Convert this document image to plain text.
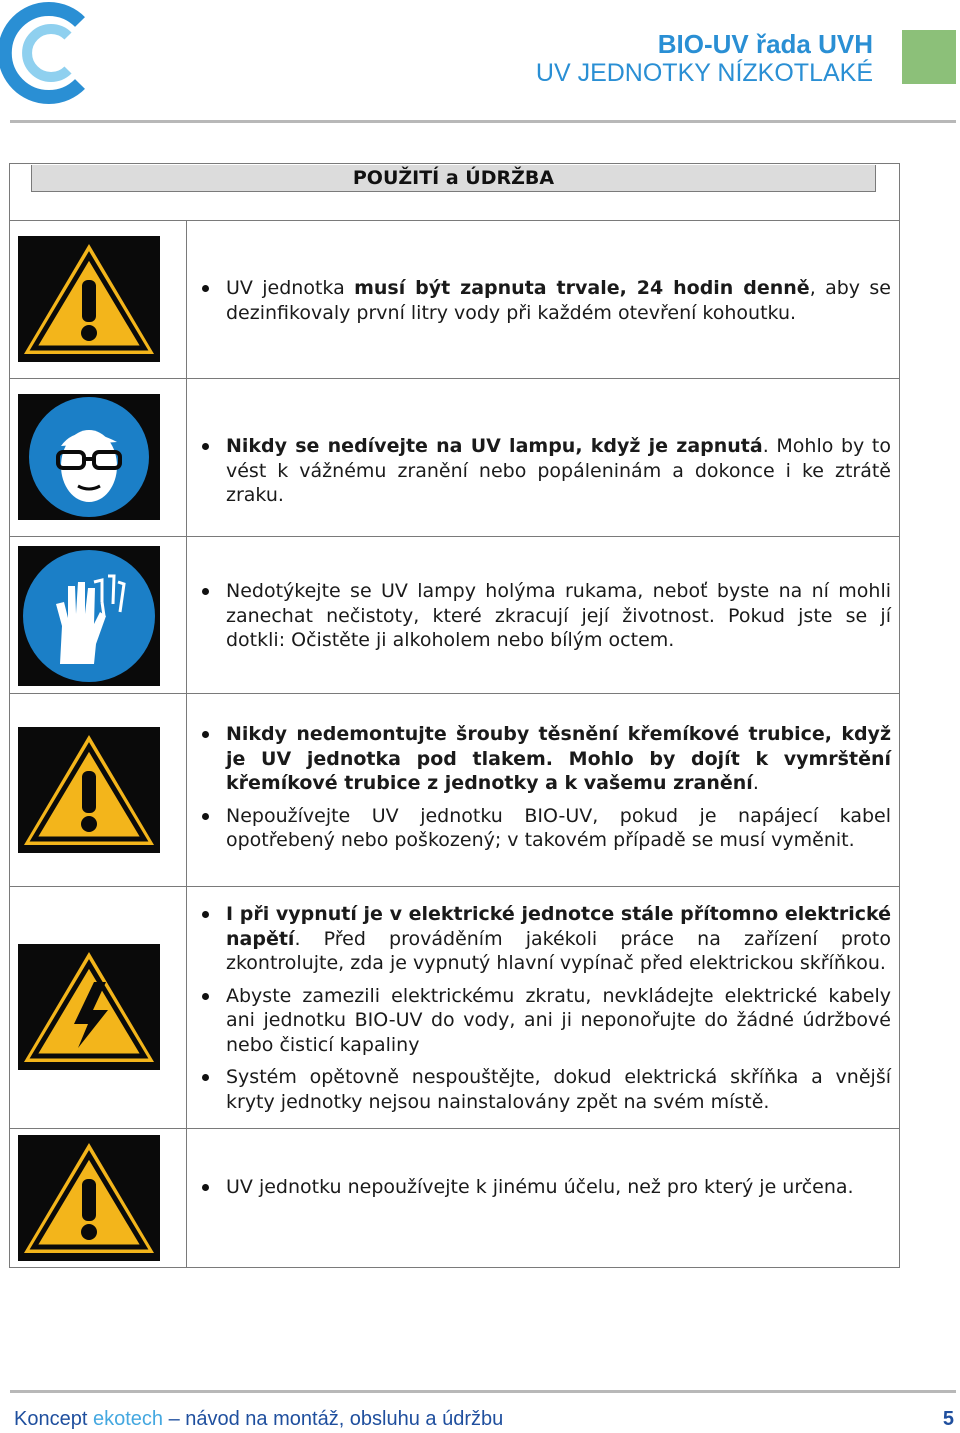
BIO-UV řada UVH
UV JEDNOTKY NÍZKOTLAKÉ
POUŽITÍ a ÚDRŽBA
UV jednotka musí být zapnuta trvale, 24 hodin denně, aby se dezinfikovaly první litry vody při každém otevření kohoutku.
Nikdy se nedívejte na UV lampu, když je zapnutá. Mohlo by to vést k vážnému zranění nebo popáleninám a dokonce i ke ztrátě zraku.
Nedotýkejte se UV lampy holýma rukama, neboť byste na ní mohli zanechat nečistoty, které zkracují její životnost. Pokud jste se jí dotkli: Očistěte ji alkoholem nebo bílým octem.
Nikdy nedemontujte šrouby těsnění křemíkové trubice, když je UV jednotka pod tlakem. Mohlo by dojít k vymrštění křemíkové trubice z jednotky a k vašemu zranění.
Nepoužívejte UV jednotku BIO-UV, pokud je napájecí kabel opotřebený nebo poškozený; v takovém případě se musí vyměnit.
I při vypnutí je v elektrické jednotce stále přítomno elektrické napětí. Před prováděním jakékoli práce na zařízení proto zkontrolujte, zda je vypnutý hlavní vypínač před elektrickou skříňkou.
Abyste zamezili elektrickému zkratu, nevkládejte elektrické kabely ani jednotku BIO-UV do vody, ani ji neponořujte do žádné údržbové nebo čisticí kapaliny
Systém opětovně nespouštějte, dokud elektrická skříňka a vnější kryty jednotky nejsou nainstalovány zpět na svém místě.
UV jednotku nepoužívejte k jinému účelu, než pro který je určena.
Koncept ekotech – návod na montáž, obsluhu a údržbu	5
